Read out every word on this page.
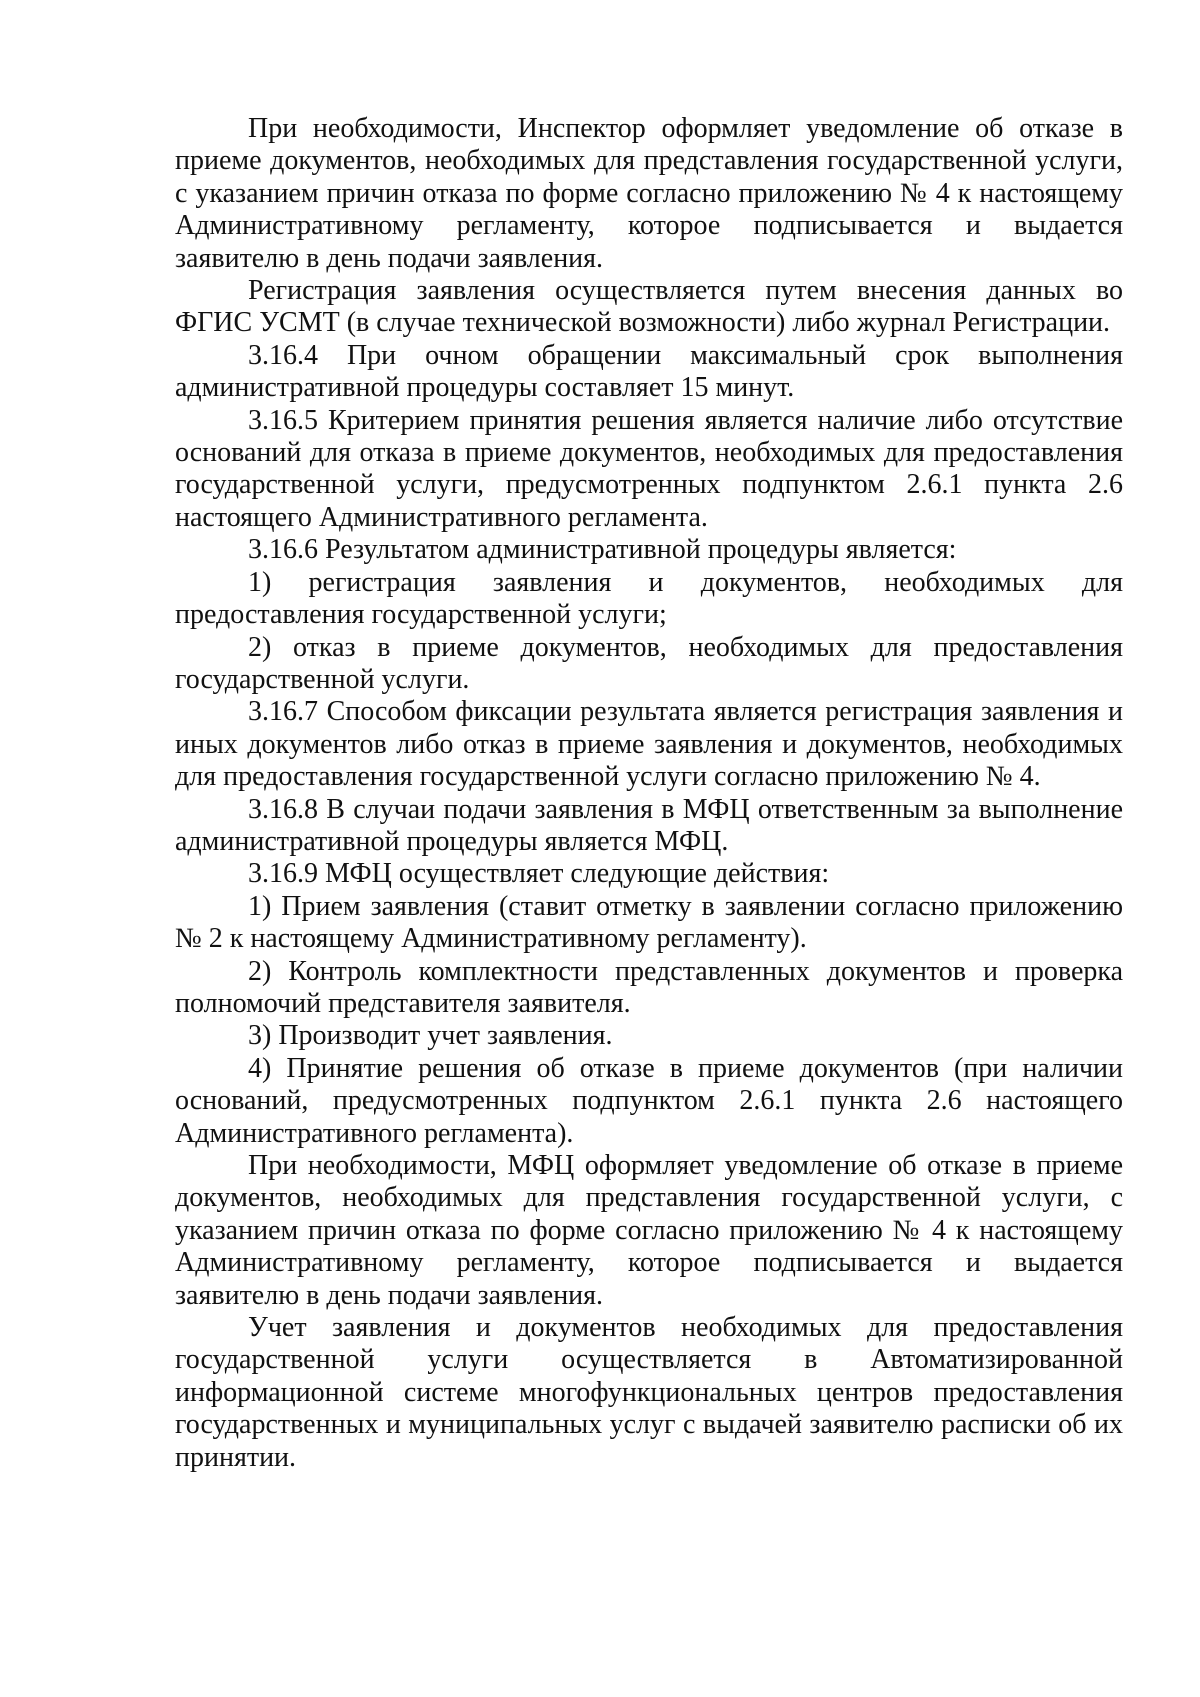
При необходимости, Инспектор оформляет уведомление об отказе в приеме документов, необходимых для представления государственной услуги, с указанием причин отказа по форме согласно приложению № 4 к настоящему Административному регламенту, которое подписывается и выдается заявителю в день подачи заявления.

Регистрация заявления осуществляется путем внесения данных во ФГИС УСМТ (в случае технической возможности) либо журнал Регистрации.

3.16.4 При очном обращении максимальный срок выполнения административной процедуры составляет 15 минут.

3.16.5 Критерием принятия решения является наличие либо отсутствие оснований для отказа в приеме документов, необходимых для предоставления государственной услуги, предусмотренных подпунктом 2.6.1 пункта 2.6 настоящего Административного регламента.

3.16.6 Результатом административной процедуры является:

1) регистрация заявления и документов, необходимых для предоставления государственной услуги;

2) отказ в приеме документов, необходимых для предоставления государственной услуги.

3.16.7 Способом фиксации результата является регистрация заявления и иных документов либо отказ в приеме заявления и документов, необходимых для предоставления государственной услуги согласно приложению № 4.

3.16.8 В случаи подачи заявления в МФЦ ответственным за выполнение административной процедуры является МФЦ.

3.16.9 МФЦ осуществляет следующие действия:

1) Прием заявления (ставит отметку в заявлении согласно приложению № 2 к настоящему Административному регламенту).

2) Контроль комплектности представленных документов и проверка полномочий представителя заявителя.

3) Производит учет заявления.

4) Принятие решения об отказе в приеме документов (при наличии оснований, предусмотренных подпунктом 2.6.1 пункта 2.6 настоящего Административного регламента).

При необходимости, МФЦ оформляет уведомление об отказе в приеме документов, необходимых для представления государственной услуги, с указанием причин отказа по форме согласно приложению № 4 к настоящему Административному регламенту, которое подписывается и выдается заявителю в день подачи заявления.

Учет заявления и документов необходимых для предоставления государственной услуги осуществляется в Автоматизированной информационной системе многофункциональных центров предоставления государственных и муниципальных услуг с выдачей заявителю расписки об их принятии.
